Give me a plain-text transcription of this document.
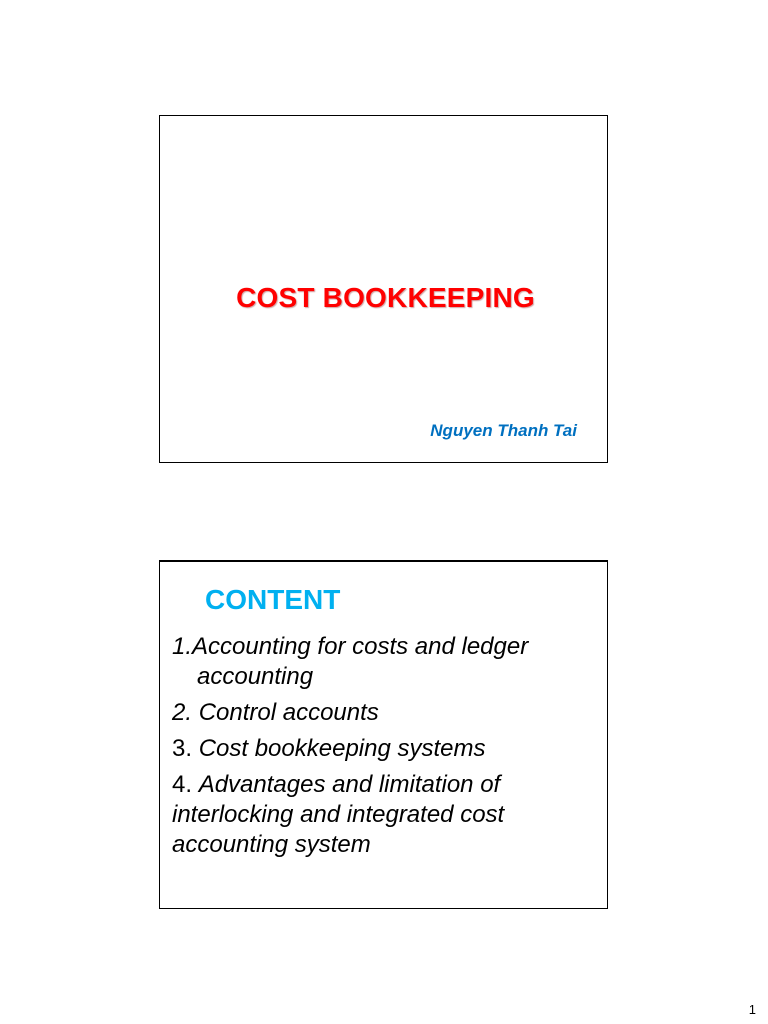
COST BOOKKEEPING
Nguyen Thanh Tai
CONTENT
1.Accounting for costs and ledger
accounting
2. Control accounts
3. Cost bookkeeping systems
4. Advantages and limitation of interlocking and integrated cost accounting system
1
